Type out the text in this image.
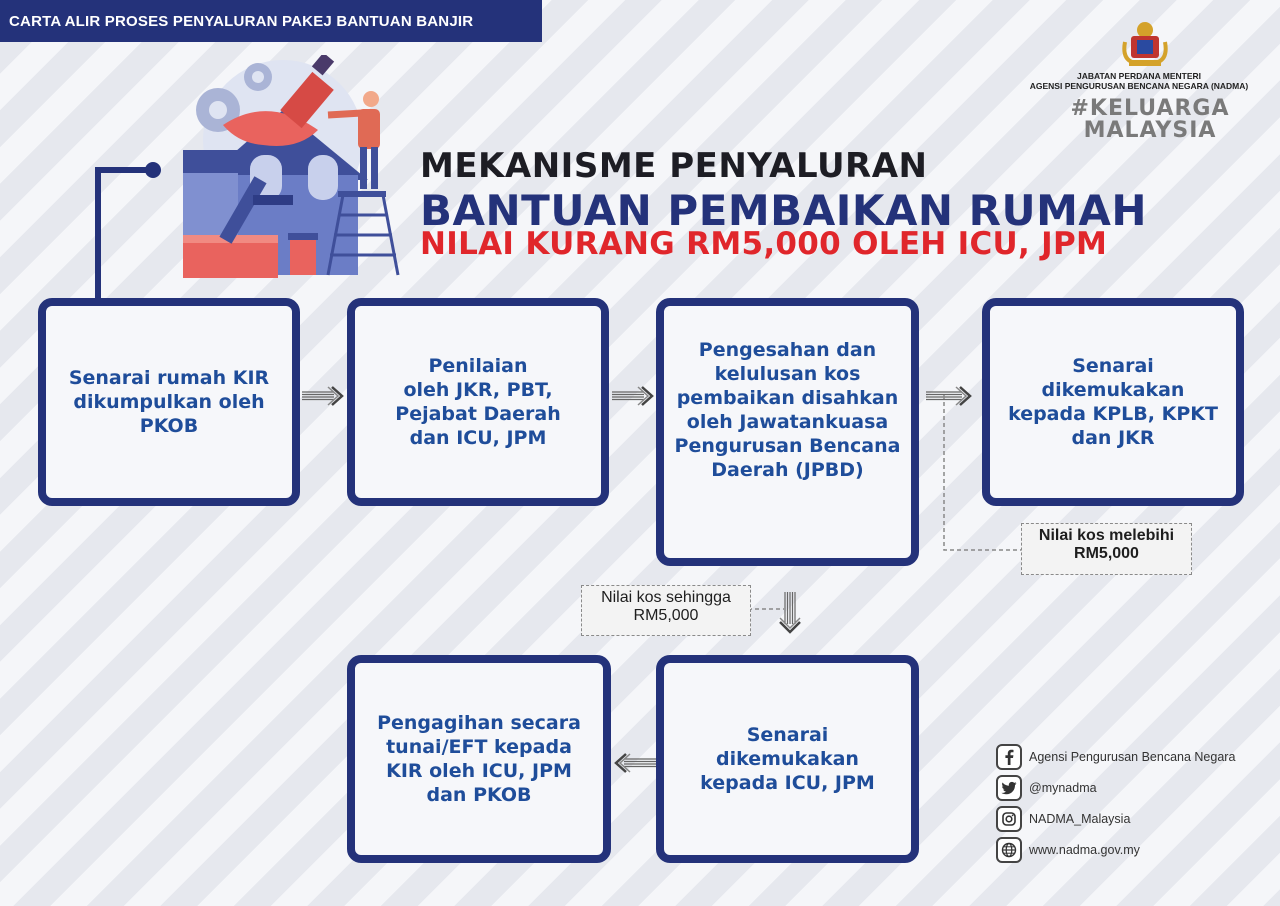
CARTA ALIR PROSES PENYALURAN PAKEJ BANTUAN BANJIR
JABATAN PERDANA MENTERI
AGENSI PENGURUSAN BENCANA NEGARA (NADMA)
#KELUARGA
MALAYSIA
MEKANISME PENYALURAN
BANTUAN PEMBAIKAN RUMAH
NILAI KURANG RM5,000 OLEH ICU, JPM
Senarai rumah KIR
dikumpulkan oleh
PKOB
Penilaian
oleh JKR, PBT,
Pejabat Daerah
dan ICU, JPM
Pengesahan dan
kelulusan kos
pembaikan disahkan
oleh Jawatankuasa
Pengurusan Bencana
Daerah (JPBD)
Senarai
dikemukakan
kepada KPLB, KPKT
dan JKR
Senarai
dikemukakan
kepada ICU, JPM
Pengagihan secara
tunai/EFT kepada
KIR oleh ICU, JPM
dan PKOB
Nilai kos melebihi
RM5,000
Nilai kos sehingga
RM5,000
Agensi Pengurusan Bencana Negara
@mynadma
NADMA_Malaysia
www.nadma.gov.my
